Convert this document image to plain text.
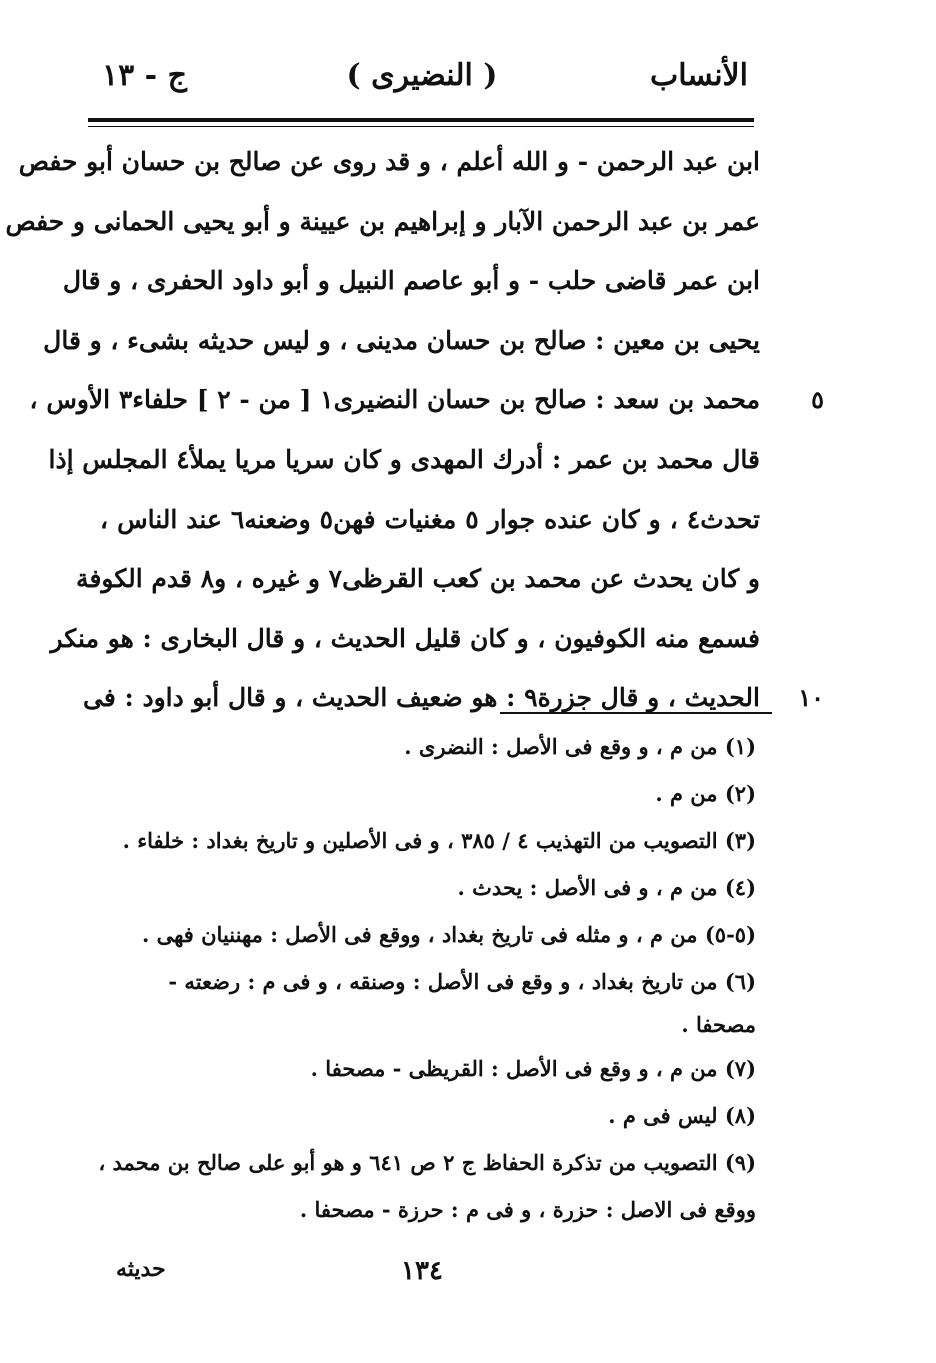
الأنساب
( النضيرى )
ج - ١٣
ابن عبد الرحمن - و الله أعلم ، و قد روى عن صالح بن حسان أبو حفص
عمر بن عبد الرحمن الآبار و إبراهيم بن عيينة و أبو يحيى الحمانى و حفص
ابن عمر قاضى حلب - و أبو عاصم النبيل و أبو داود الحفرى ، و قال
يحيى بن معين : صالح بن حسان مدينى ، و ليس حديثه بشىء ، و قال
٥
محمد بن سعد : صالح بن حسان النضيرى١ [ من - ٢ ] حلفاء٣ الأوس ،
قال محمد بن عمر : أدرك المهدى و كان سريا مريا يملأ٤ المجلس إذا
تحدث٤ ، و كان عنده جوار ٥ مغنيات فهن٥ وضعنه٦ عند الناس ،
و كان يحدث عن محمد بن كعب القرظى٧ و غيره ، و٨ قدم الكوفة
فسمع منه الكوفيون ، و كان قليل الحديث ، و قال البخارى : هو منكر
١٠
الحديث ، و قال جزرة٩ : هو ضعيف الحديث ، و قال أبو داود : فى
(١) من م ، و وقع فى الأصل : النضرى .
(٢) من م .
(٣) التصويب من التهذيب ٤ / ٣٨٥ ، و فى الأصلين و تاريخ بغداد : خلفاء .
(٤) من م ، و فى الأصل : يحدث .
(٥-٥) من م ، و مثله فى تاريخ بغداد ، ووقع فى الأصل : مهننيان فهى .
(٦) من تاريخ بغداد ، و وقع فى الأصل : وصنقه ، و فى م : رضعته -
مصحفا .
(٧) من م ، و وقع فى الأصل : القريظى - مصحفا .
(٨) ليس فى م .
(٩) التصويب من تذكرة الحفاظ ج ٢ ص ٦٤١ و هو أبو على صالح بن محمد ،
ووقع فى الاصل : حزرة ، و فى م : حرزة - مصحفا .
١٣٤
حديثه
